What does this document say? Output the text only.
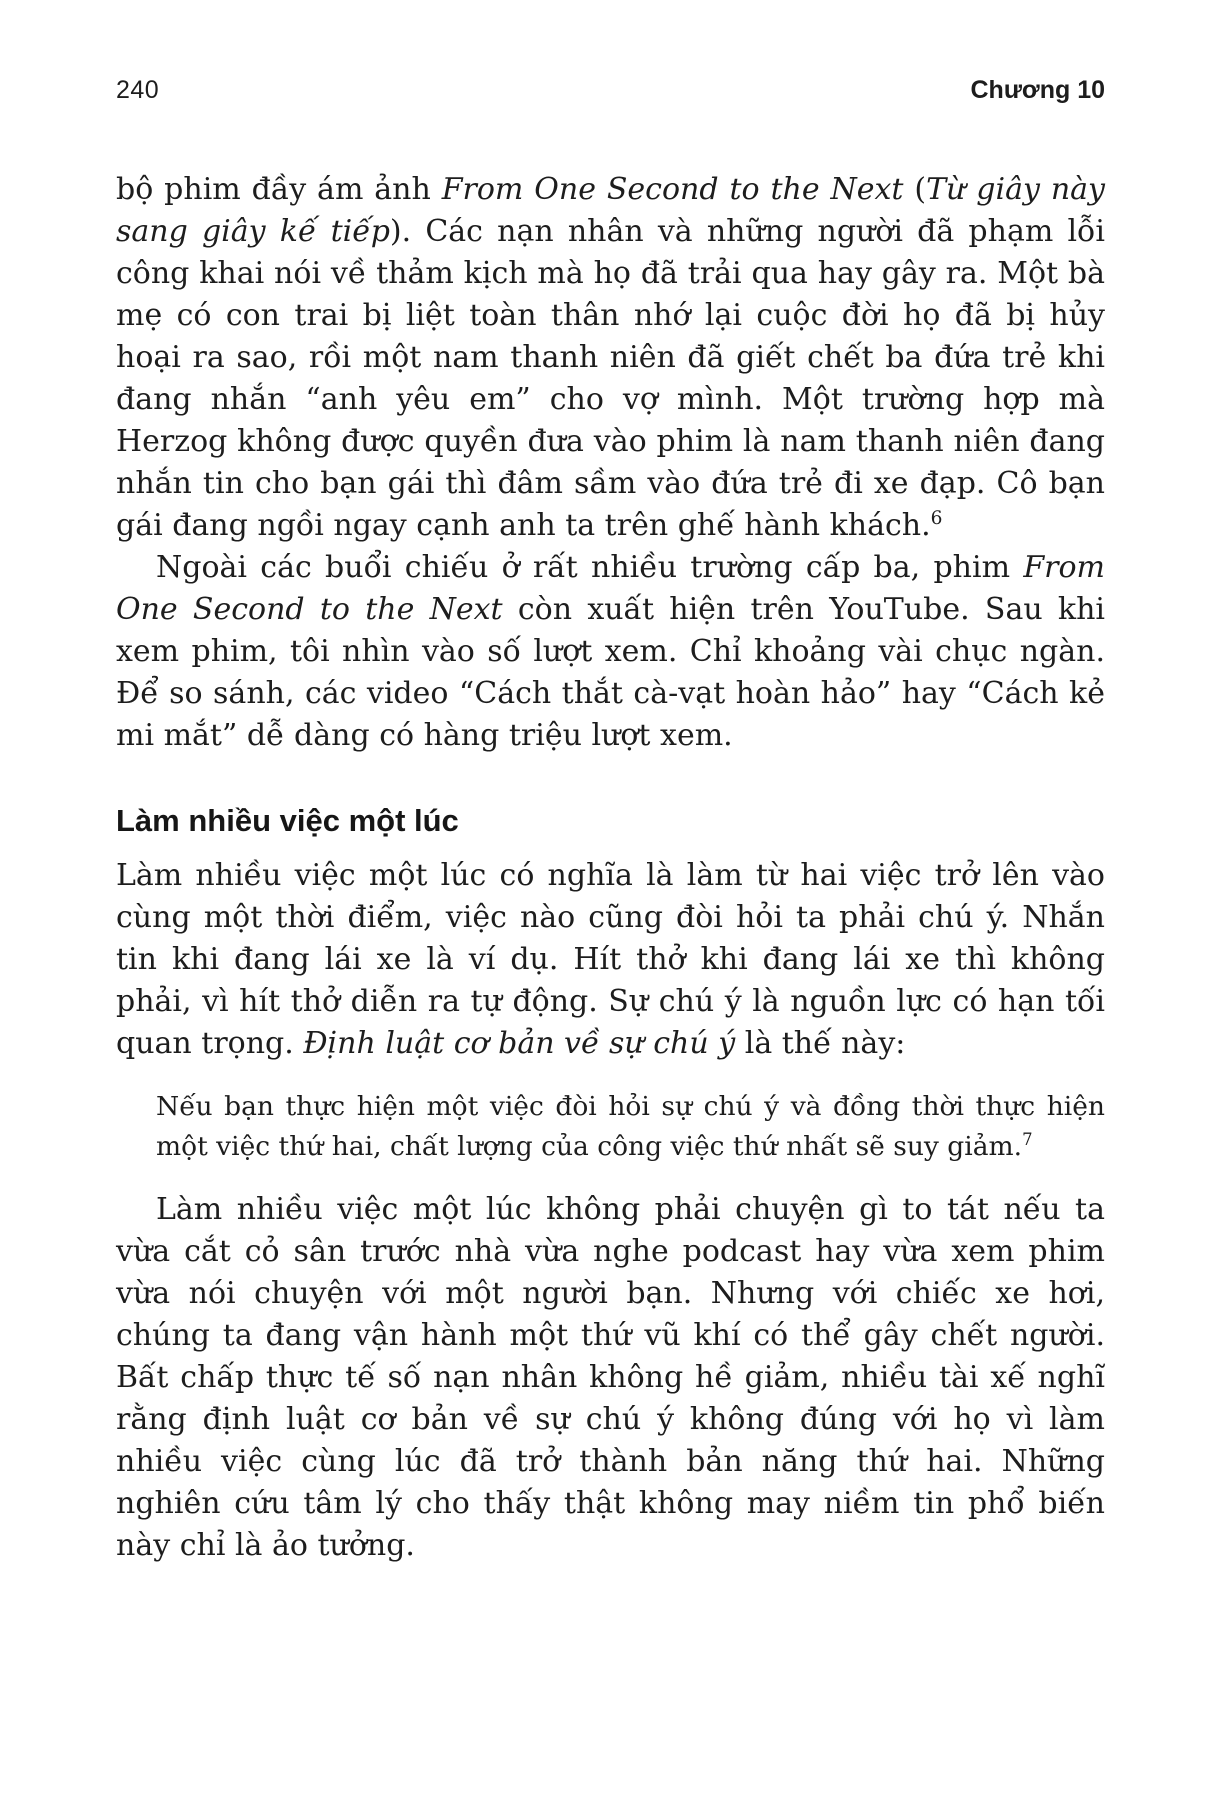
240	Chương 10

bộ phim đầy ám ảnh From One Second to the Next (Từ giây này sang giây kế tiếp). Các nạn nhân và những người đã phạm lỗi công khai nói về thảm kịch mà họ đã trải qua hay gây ra. Một bà mẹ có con trai bị liệt toàn thân nhớ lại cuộc đời họ đã bị hủy hoại ra sao, rồi một nam thanh niên đã giết chết ba đứa trẻ khi đang nhắn “anh yêu em” cho vợ mình. Một trường hợp mà Herzog không được quyền đưa vào phim là nam thanh niên đang nhắn tin cho bạn gái thì đâm sầm vào đứa trẻ đi xe đạp. Cô bạn gái đang ngồi ngay cạnh anh ta trên ghế hành khách.$^6$

Ngoài các buổi chiếu ở rất nhiều trường cấp ba, phim From One Second to the Next còn xuất hiện trên YouTube. Sau khi xem phim, tôi nhìn vào số lượt xem. Chỉ khoảng vài chục ngàn. Để so sánh, các video “Cách thắt cà-vạt hoàn hảo” hay “Cách kẻ mi mắt” dễ dàng có hàng triệu lượt xem.

Làm nhiều việc một lúc

Làm nhiều việc một lúc có nghĩa là làm từ hai việc trở lên vào cùng một thời điểm, việc nào cũng đòi hỏi ta phải chú ý. Nhắn tin khi đang lái xe là ví dụ. Hít thở khi đang lái xe thì không phải, vì hít thở diễn ra tự động. Sự chú ý là nguồn lực có hạn tối quan trọng. Định luật cơ bản về sự chú ý là thế này:

Nếu bạn thực hiện một việc đòi hỏi sự chú ý và đồng thời thực hiện một việc thứ hai, chất lượng của công việc thứ nhất sẽ suy giảm.$^7$

Làm nhiều việc một lúc không phải chuyện gì to tát nếu ta vừa cắt cỏ sân trước nhà vừa nghe podcast hay vừa xem phim vừa nói chuyện với một người bạn. Nhưng với chiếc xe hơi, chúng ta đang vận hành một thứ vũ khí có thể gây chết người. Bất chấp thực tế số nạn nhân không hề giảm, nhiều tài xế nghĩ rằng định luật cơ bản về sự chú ý không đúng với họ vì làm nhiều việc cùng lúc đã trở thành bản năng thứ hai. Những nghiên cứu tâm lý cho thấy thật không may niềm tin phổ biến này chỉ là ảo tưởng.
